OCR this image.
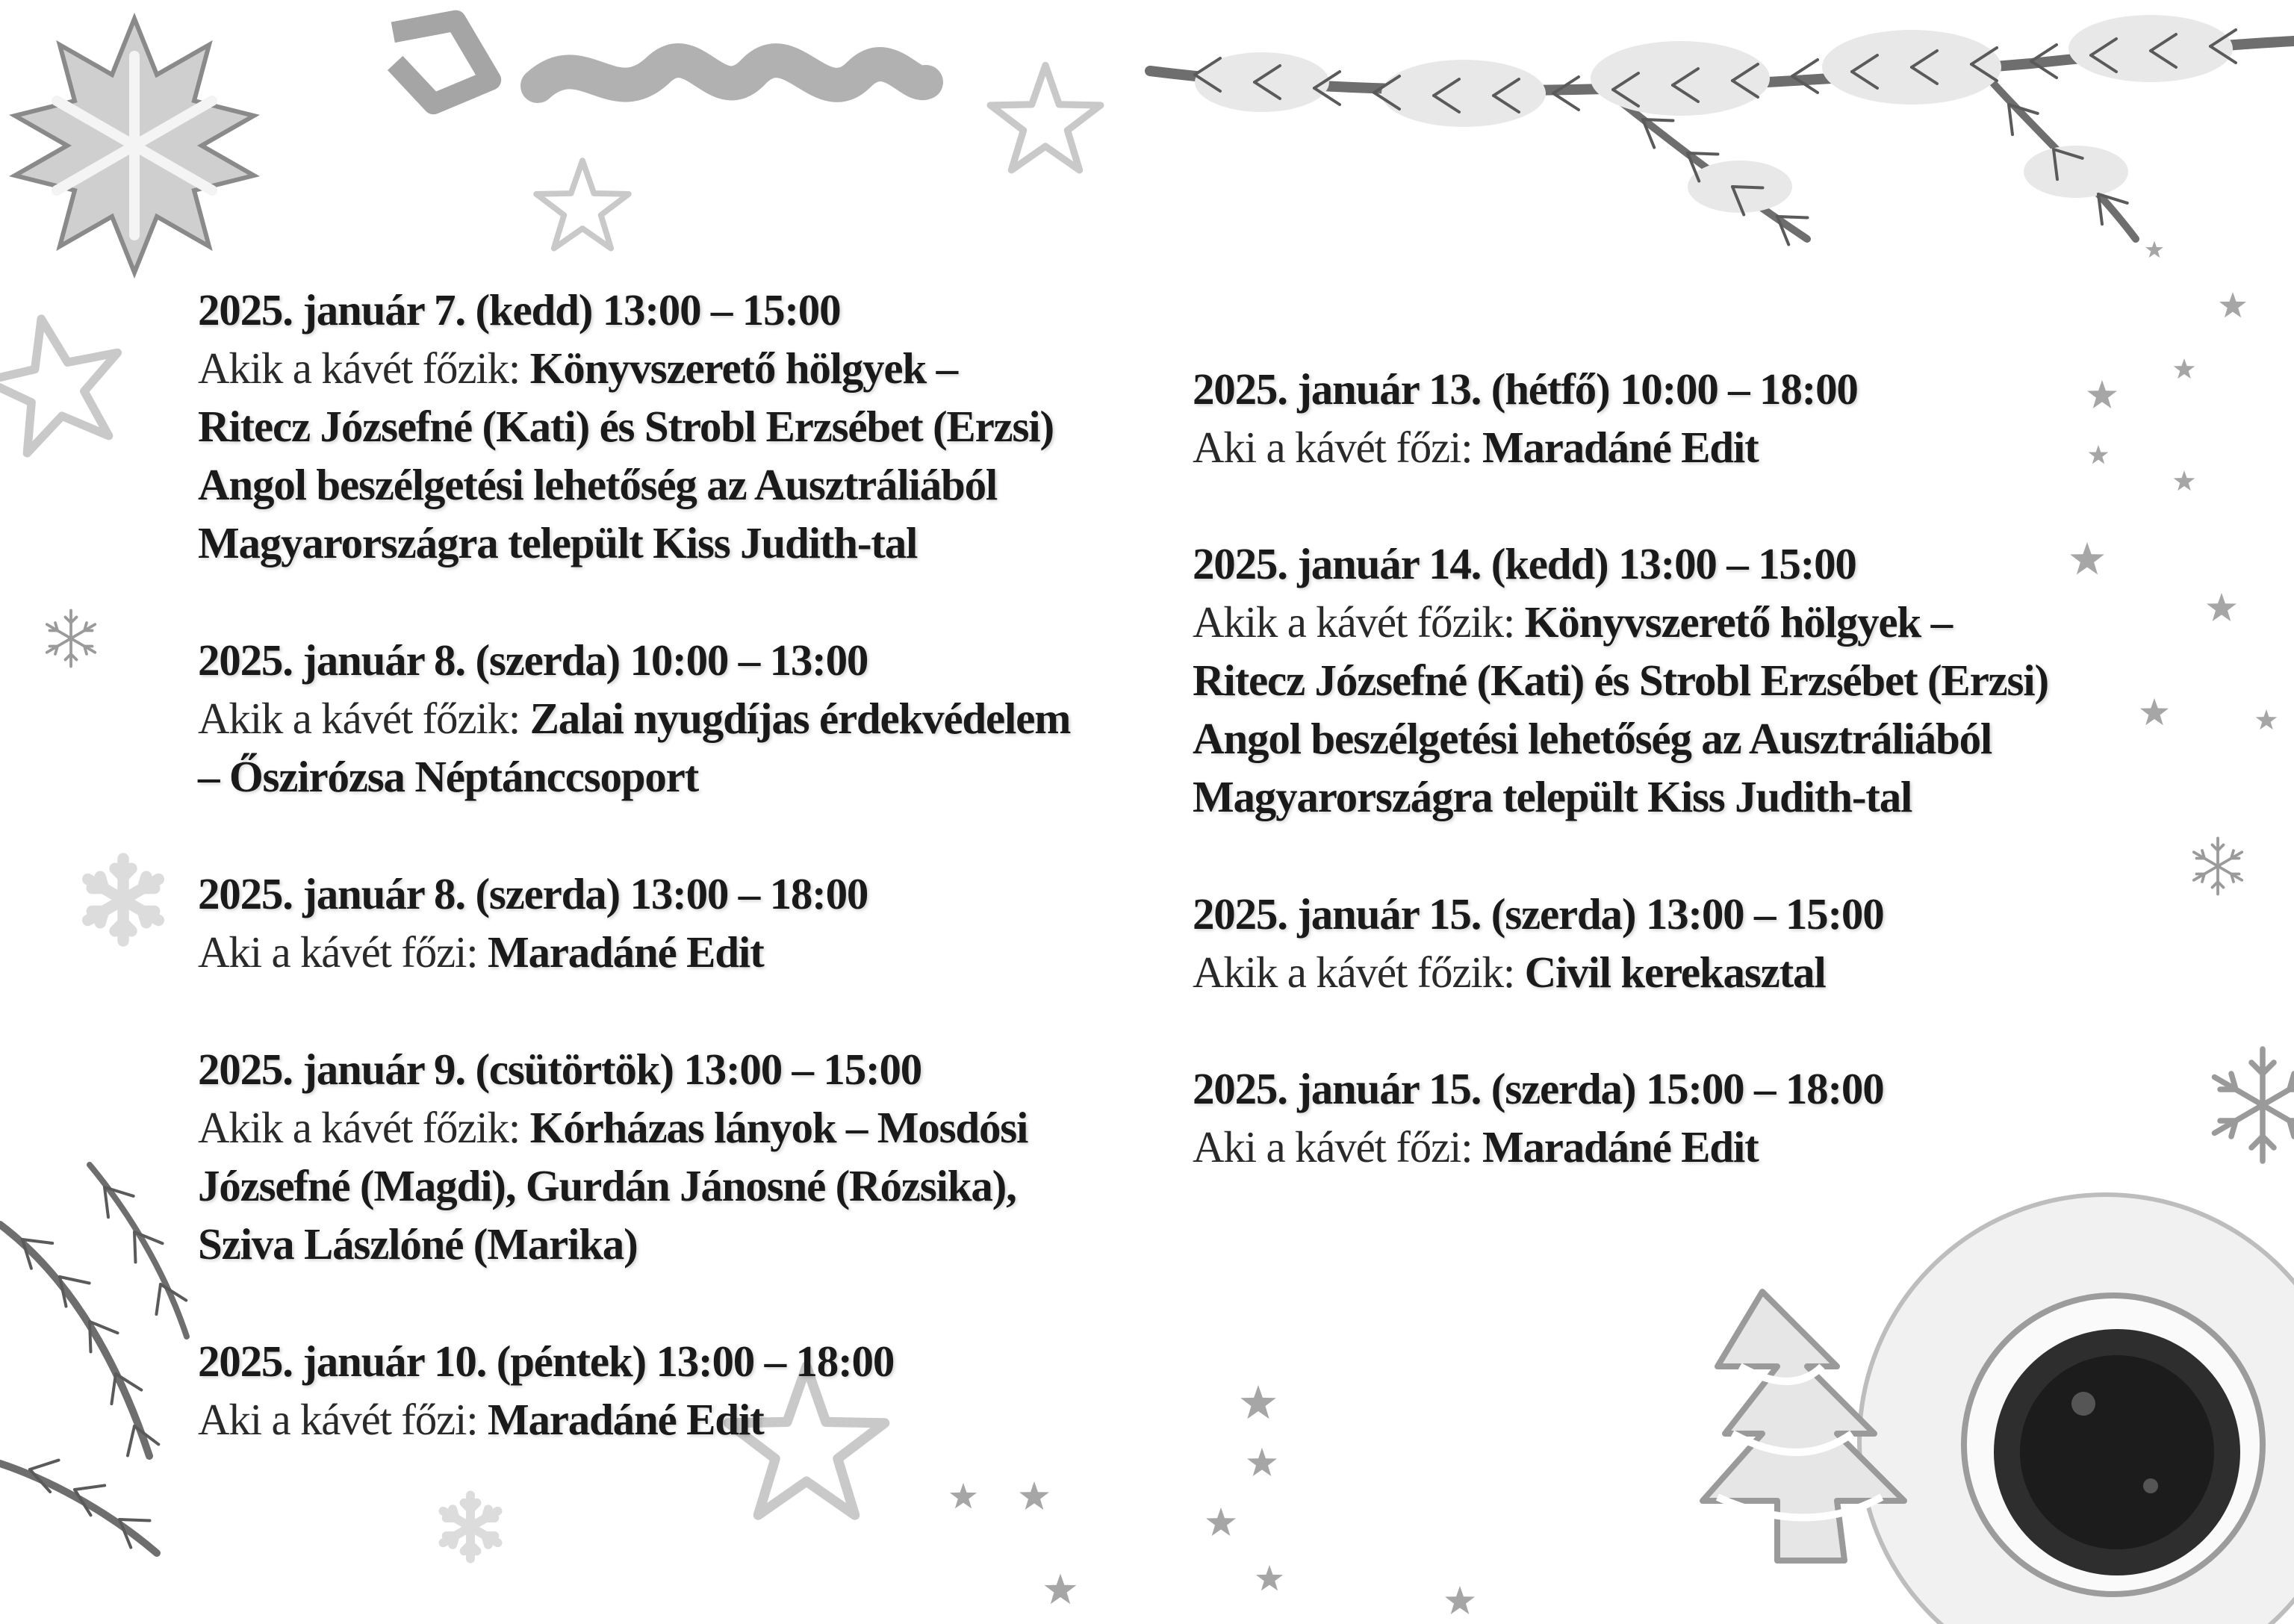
2025. január 7. (kedd) 13:00 – 15:00
Akik a kávét főzik: Könyvszerető hölgyek –
Ritecz Józsefné (Kati) és Strobl Erzsébet (Erzsi)
Angol beszélgetési lehetőség az Ausztráliából
Magyarországra települt Kiss Judith-tal
2025. január 8. (szerda) 10:00 – 13:00
Akik a kávét főzik: Zalai nyugdíjas érdekvédelem
– Őszirózsa Néptánccsoport
2025. január 8. (szerda) 13:00 – 18:00
Aki a kávét főzi: Maradáné Edit
2025. január 9. (csütörtök) 13:00 – 15:00
Akik a kávét főzik: Kórházas lányok – Mosdósi
Józsefné (Magdi), Gurdán Jánosné (Rózsika),
Sziva Lászlóné (Marika)
2025. január 10. (péntek) 13:00 – 18:00
Aki a kávét főzi: Maradáné Edit
2025. január 13. (hétfő) 10:00 – 18:00
Aki a kávét főzi: Maradáné Edit
2025. január 14. (kedd) 13:00 – 15:00
Akik a kávét főzik: Könyvszerető hölgyek –
Ritecz Józsefné (Kati) és Strobl Erzsébet (Erzsi)
Angol beszélgetési lehetőség az Ausztráliából
Magyarországra települt Kiss Judith-tal
2025. január 15. (szerda) 13:00 – 15:00
Akik a kávét főzik: Civil kerekasztal
2025. január 15. (szerda) 15:00 – 18:00
Aki a kávét főzi: Maradáné Edit
